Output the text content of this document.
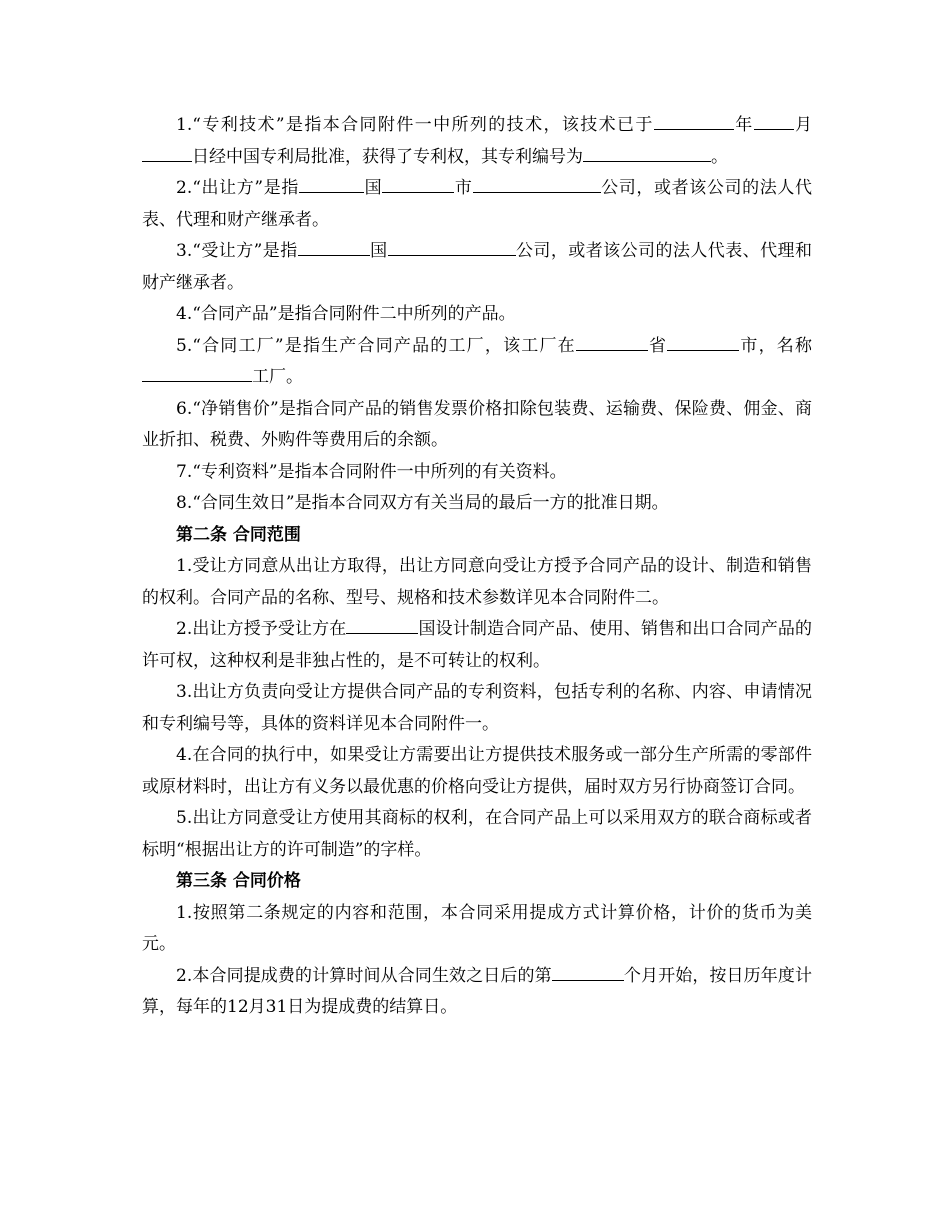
1.“专利技术”是指本合同附件一中所列的技术，该技术已于	年 月日经中国专利局批准，获得了专利权，其专利编号为	。

2.“出让方”是指	国	市	公司，或者该公司的法人代表、代理和财产继承者。

3.“受让方”是指	国	公司，或者该公司的法人代表、代理和财产继承者。

4.“合同产品”是指合同附件二中所列的产品。

5.“合同工厂”是指生产合同产品的工厂，该工厂在	省	市，名称工厂。

6.“净销售价”是指合同产品的销售发票价格扣除包装费、运输费、保险费、佣金、商业折扣、税费、外购件等费用后的余额。

7.“专利资料”是指本合同附件一中所列的有关资料。

8.“合同生效日”是指本合同双方有关当局的最后一方的批准日期。

第二条 合同范围

1.受让方同意从出让方取得，出让方同意向受让方授予合同产品的设计、制造和销售的权利。合同产品的名称、型号、规格和技术参数详见本合同附件二。

2.出让方授予受让方在	国设计制造合同产品、使用、销售和出口合同产品的许可权，这种权利是非独占性的，是不可转让的权利。

3.出让方负责向受让方提供合同产品的专利资料，包括专利的名称、内容、申请情况和专利编号等，具体的资料详见本合同附件一。

4.在合同的执行中，如果受让方需要出让方提供技术服务或一部分生产所需的零部件或原材料时，出让方有义务以最优惠的价格向受让方提供，届时双方另行协商签订合同。

5.出让方同意受让方使用其商标的权利，在合同产品上可以采用双方的联合商标或者标明“根据出让方的许可制造”的字样。

第三条 合同价格

1.按照第二条规定的内容和范围，本合同采用提成方式计算价格，计价的货币为美元。

2.本合同提成费的计算时间从合同生效之日后的第	个月开始，按日历年度计算，每年的12月31日为提成费的结算日。
